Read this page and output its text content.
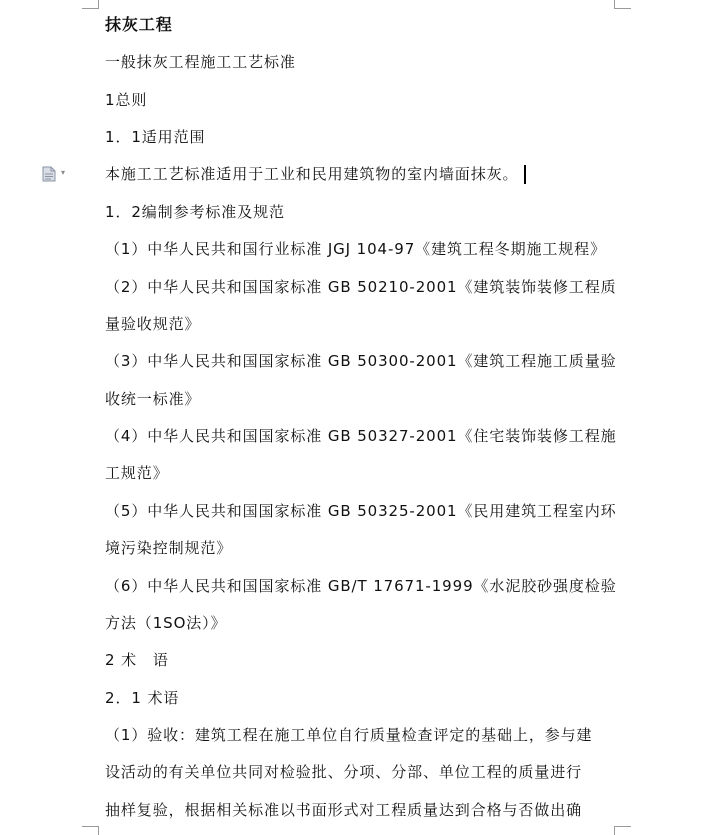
▾
抹灰工程
一般抹灰工程施工工艺标准
1总则
1．1适用范围
本施工工艺标准适用于工业和民用建筑物的室内墙面抹灰。
1．2编制参考标准及规范
（1）中华人民共和国行业标准 JGJ 104-97《建筑工程冬期施工规程》
（2）中华人民共和国国家标准 GB 50210-2001《建筑装饰装修工程质
量验收规范》
（3）中华人民共和国国家标准 GB 50300-2001《建筑工程施工质量验
收统一标准》
（4）中华人民共和国国家标准 GB 50327-2001《住宅装饰装修工程施
工规范》
（5）中华人民共和国国家标准 GB 50325-2001《民用建筑工程室内环
境污染控制规范》
（6）中华人民共和国国家标准 GB/T 17671-1999《水泥胶砂强度检验
方法（1SO法）》
2 术　语
2．1 术语
（1）验收：建筑工程在施工单位自行质量检查评定的基础上，参与建
设活动的有关单位共同对检验批、分项、分部、单位工程的质量进行
抽样复验，根据相关标准以书面形式对工程质量达到合格与否做出确
